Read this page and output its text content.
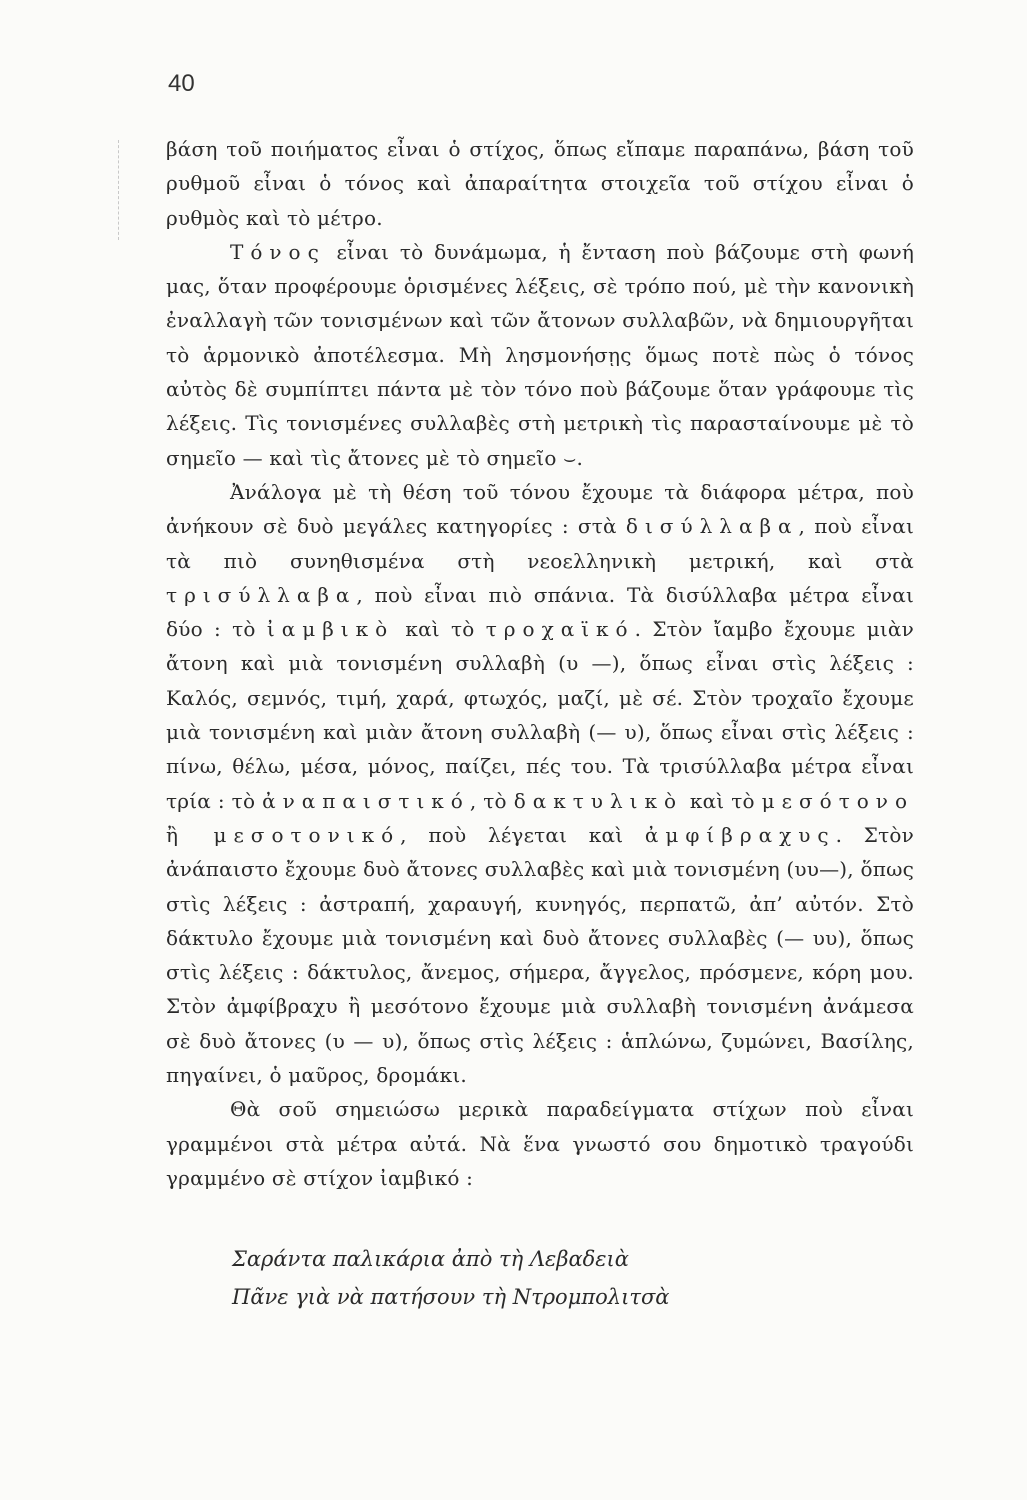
40

βάση τοῦ ποιήματος εἶναι ὁ στίχος, ὅπως εἴπαμε παραπάνω, βάση τοῦ ρυθμοῦ εἶναι ὁ τόνος καὶ ἀπαραίτητα στοιχεῖα τοῦ στίχου εἶναι ὁ ρυθμὸς καὶ τὸ μέτρο.

Τόνος εἶναι τὸ δυνάμωμα, ἡ ἔνταση ποὺ βάζουμε στὴ φωνή μας, ὅταν προφέρουμε ὁρισμένες λέξεις, σὲ τρόπο πού, μὲ τὴν κανονικὴ ἐναλλαγὴ τῶν τονισμένων καὶ τῶν ἄτονων συλλαβῶν, νὰ δημιουργῆται τὸ ἁρμονικὸ ἀποτέλεσμα. Μὴ λησμονήσῃς ὅμως ποτὲ πὼς ὁ τόνος αὐτὸς δὲ συμπίπτει πάντα μὲ τὸν τόνο ποὺ βάζουμε ὅταν γράφουμε τὶς λέξεις. Τὶς τονισμένες συλλαβὲς στὴ μετρικὴ τὶς παρασταίνουμε μὲ τὸ σημεῖο — καὶ τὶς ἄτονες μὲ τὸ σημεῖο ⌣.

Ἀνάλογα μὲ τὴ θέση τοῦ τόνου ἔχουμε τὰ διάφορα μέτρα, ποὺ ἀνήκουν σὲ δυὸ μεγάλες κατηγορίες : στὰ δισύλλαβα, ποὺ εἶναι τὰ πιὸ συνηθισμένα στὴ νεοελληνικὴ μετρική, καὶ στὰ τρισύλλαβα, ποὺ εἶναι πιὸ σπάνια. Τὰ δισύλλαβα μέτρα εἶναι δύο : τὸ ἰαμβικὸ καὶ τὸ τροχαϊκό. Στὸν ἴαμβο ἔχουμε μιὰν ἄτονη καὶ μιὰ τονισμένη συλλαβὴ (υ —), ὅπως εἶναι στὶς λέξεις : Καλός, σεμνός, τιμή, χαρά, φτωχός, μαζί, μὲ σέ. Στὸν τροχαῖο ἔχουμε μιὰ τονισμένη καὶ μιὰν ἄτονη συλλαβὴ (— υ), ὅπως εἶναι στὶς λέξεις : πίνω, θέλω, μέσα, μόνος, παίζει, πές του. Τὰ τρισύλλαβα μέτρα εἶναι τρία : τὸ ἀναπαιστικό, τὸ δακτυλικὸ καὶ τὸ μεσότονο ἢ μεσοτονικό, ποὺ λέγεται καὶ ἀμφίβραχυς. Στὸν ἀνάπαιστο ἔχουμε δυὸ ἄτονες συλλαβὲς καὶ μιὰ τονισμένη (υυ—), ὅπως στὶς λέξεις : ἀστραπή, χαραυγή, κυνηγός, περπατῶ, ἀπ’ αὐτόν. Στὸ δάκτυλο ἔχουμε μιὰ τονισμένη καὶ δυὸ ἄτονες συλλαβὲς (— υυ), ὅπως στὶς λέξεις : δάκτυλος, ἄνεμος, σήμερα, ἄγγελος, πρόσμενε, κόρη μου. Στὸν ἀμφίβραχυ ἢ μεσότονο ἔχουμε μιὰ συλλαβὴ τονισμένη ἀνάμεσα σὲ δυὸ ἄτονες (υ — υ), ὅπως στὶς λέξεις : ἁπλώνω, ζυμώνει, Βασίλης, πηγαίνει, ὁ μαῦρος, δρομάκι.

Θὰ σοῦ σημειώσω μερικὰ παραδείγματα στίχων ποὺ εἶναι γραμμένοι στὰ μέτρα αὐτά. Νὰ ἕνα γνωστό σου δημοτικὸ τραγούδι γραμμένο σὲ στίχον ἰαμβικό :

Σαράντα παλικάρια ἀπὸ τὴ Λεβαδειὰ
Πᾶνε γιὰ νὰ πατήσουν τὴ Ντρομπολιτσὰ
